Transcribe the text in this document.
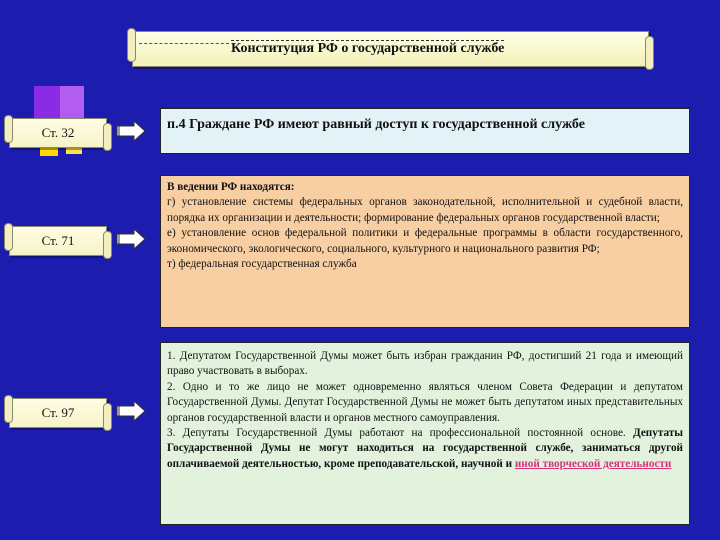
Конституция РФ о государственной службе
Ст. 32
Ст. 71
Ст. 97
п.4 Граждане РФ имеют равный доступ к государственной службе

В ведении РФ находятся:

г) установление системы федеральных органов законодательной, исполнительной и судебной власти, порядка их организации и деятельности; формирование федеральных органов государственной власти;

е) установление основ федеральной политики и федеральные программы в области государственного, экономического, экологического, социального, культурного и национального развития РФ;

т) федеральная государственная служба

1. Депутатом Государственной Думы может быть избран гражданин РФ, достигший 21 года и имеющий право участвовать в выборах.

2. Одно и то же лицо не может одновременно являться членом Совета Федерации и депутатом Государственной Думы. Депутат Государственной Думы не может быть депутатом иных представительных органов государственной власти и органов местного самоуправления.

3. Депутаты Государственной Думы работают на профессиональной постоянной основе. Депутаты Государственной Думы не могут находиться на государственной службе, заниматься другой оплачиваемой деятельностью, кроме преподавательской, научной и иной творческой деятельности
